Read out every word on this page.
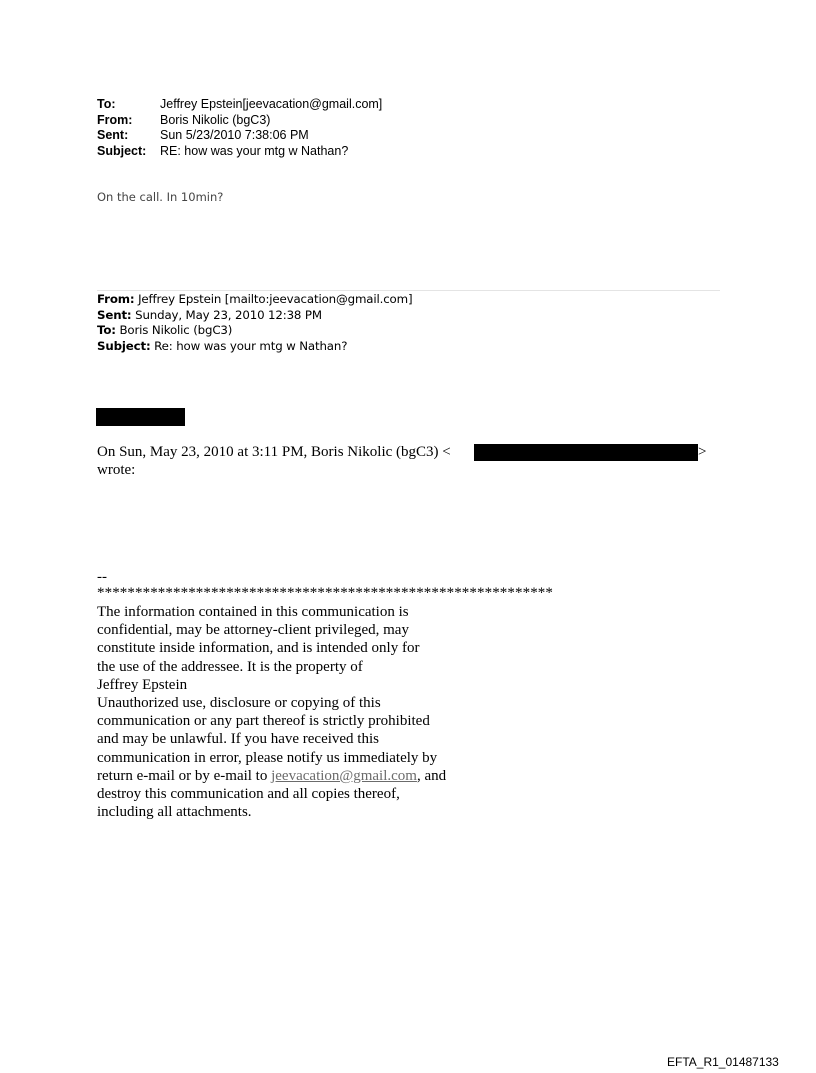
To:	Jeffrey Epstein[jeevacation@gmail.com]
From:	Boris Nikolic (bgC3)
Sent:	Sun 5/23/2010 7:38:06 PM
Subject:	RE: how was your mtg w Nathan?
On the call. In 10min?
From: Jeffrey Epstein [mailto:jeevacation@gmail.com]
Sent: Sunday, May 23, 2010 12:38 PM
To: Boris Nikolic (bgC3)
Subject: Re: how was your mtg w Nathan?
On Sun, May 23, 2010 at 3:11 PM, Boris Nikolic (bgC3) <	>
wrote:
--
************************************************************
The information contained in this communication is
confidential, may be attorney-client privileged, may
constitute inside information, and is intended only for
the use of the addressee. It is the property of
Jeffrey Epstein
Unauthorized use, disclosure or copying of this
communication or any part thereof is strictly prohibited
and may be unlawful. If you have received this
communication in error, please notify us immediately by
return e-mail or by e-mail to jeevacation@gmail.com, and
destroy this communication and all copies thereof,
including all attachments.
EFTA_R1_01487133
